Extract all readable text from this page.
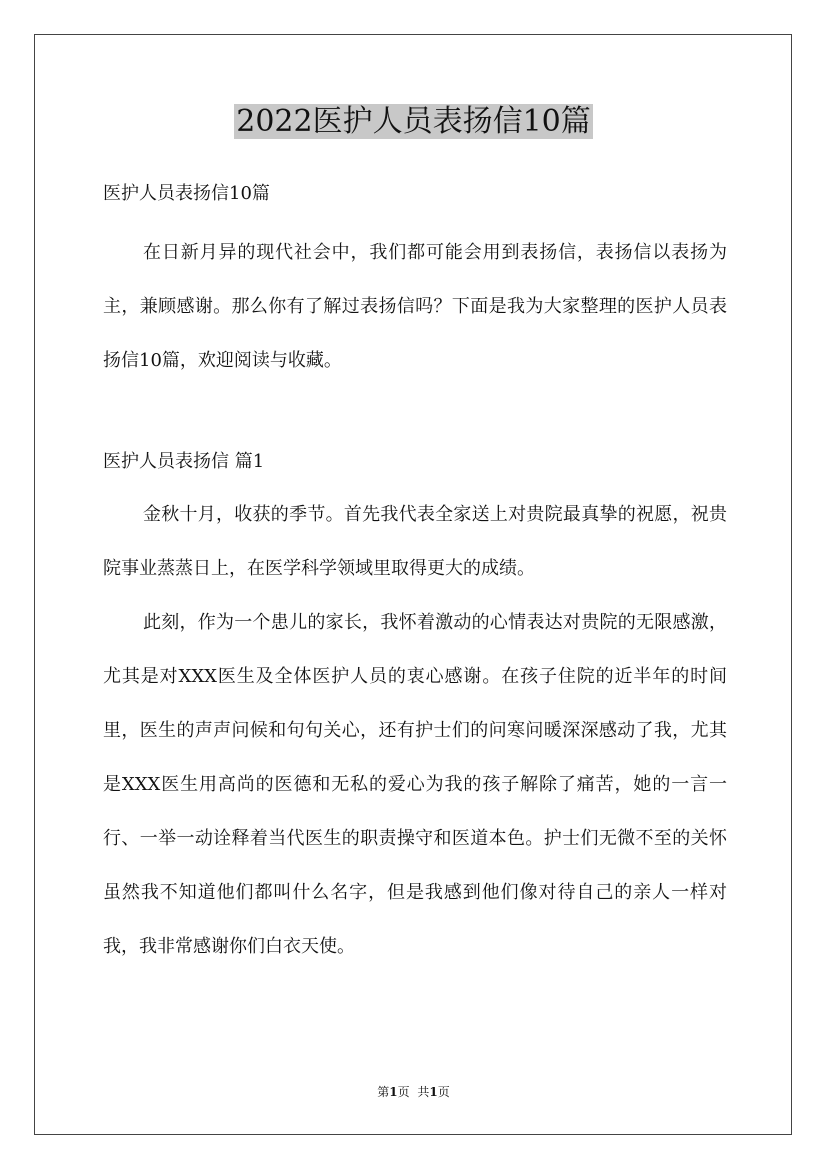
2022医护人员表扬信10篇

医护人员表扬信10篇

在日新月异的现代社会中，我们都可能会用到表扬信，表扬信以表扬为主，兼顾感谢。那么你有了解过表扬信吗？下面是我为大家整理的医护人员表扬信10篇，欢迎阅读与收藏。

医护人员表扬信 篇1

金秋十月，收获的季节。首先我代表全家送上对贵院最真挚的祝愿，祝贵院事业蒸蒸日上，在医学科学领域里取得更大的成绩。

此刻，作为一个患儿的家长，我怀着激动的心情表达对贵院的无限感激，尤其是对XXX医生及全体医护人员的衷心感谢。在孩子住院的近半年的时间里，医生的声声问候和句句关心，还有护士们的问寒问暖深深感动了我，尤其是XXX医生用高尚的医德和无私的爱心为我的孩子解除了痛苦，她的一言一行、一举一动诠释着当代医生的职责操守和医道本色。护士们无微不至的关怀虽然我不知道他们都叫什么名字，但是我感到他们像对待自己的亲人一样对我，我非常感谢你们白衣天使。

第1页 共1页
